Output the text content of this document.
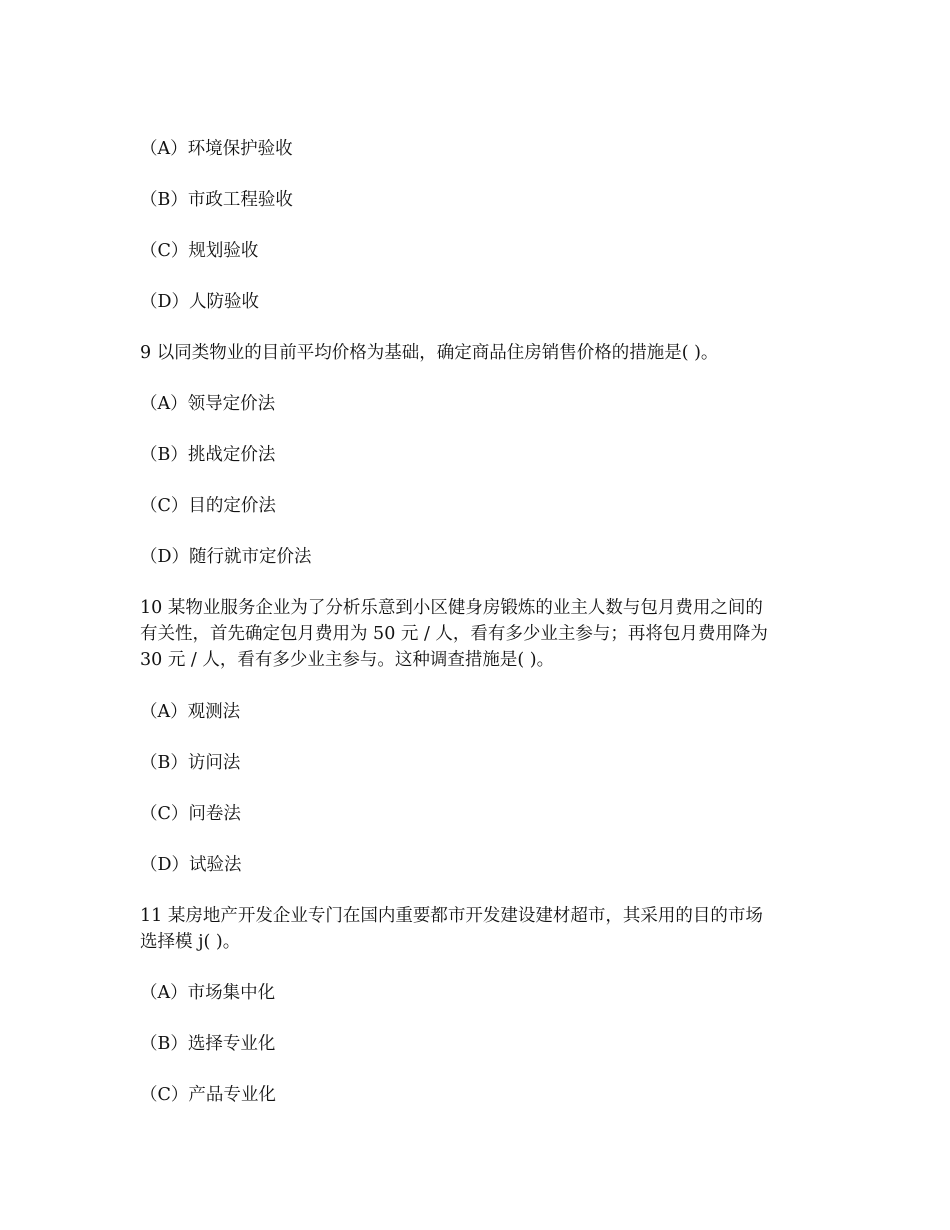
（A）环境保护验收
（B）市政工程验收
（C）规划验收
（D）人防验收
9 以同类物业的目前平均价格为基础，确定商品住房销售价格的措施是( )。
（A）领导定价法
（B）挑战定价法
（C）目的定价法
（D）随行就市定价法
10 某物业服务企业为了分析乐意到小区健身房锻炼的业主人数与包月费用之间的
有关性，首先确定包月费用为 50 元 / 人，看有多少业主参与；再将包月费用降为
30 元 / 人，看有多少业主参与。这种调查措施是( )。
（A）观测法
（B）访问法
（C）问卷法
（D）试验法
11 某房地产开发企业专门在国内重要都市开发建设建材超市，其采用的目的市场
选择模 j( )。
（A）市场集中化
（B）选择专业化
（C）产品专业化
